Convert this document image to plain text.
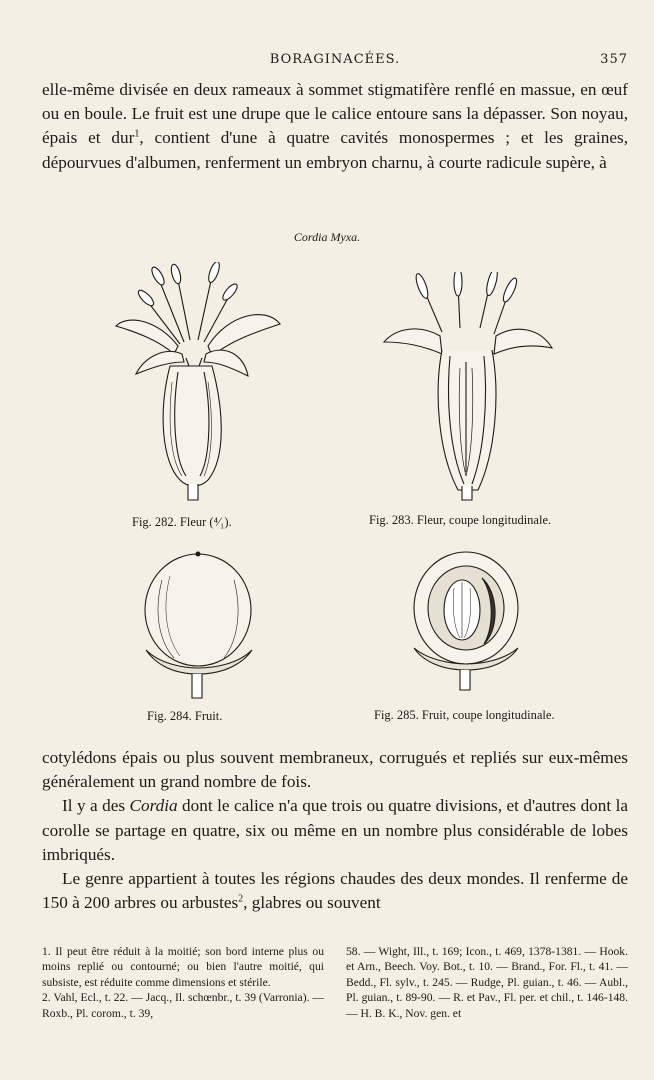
BORAGINACÉES.	357

elle-même divisée en deux rameaux à sommet stigmatifère renflé en massue, en œuf ou en boule. Le fruit est une drupe que le calice entoure sans la dépasser. Son noyau, épais et dur$^1$, contient d'une à quatre cavités monospermes ; et les graines, dépourvues d'albumen, renferment un embryon charnu, à courte radicule supère, à

Cordia Myxa.
Fig. 282. Fleur (⁴⁄₁).	Fig. 283. Fleur, coupe longitudinale.
Fig. 284. Fruit.	Fig. 285. Fruit, coupe longitudinale.

cotylédons épais ou plus souvent membraneux, corrugués et repliés sur eux-mêmes généralement un grand nombre de fois.

Il y a des Cordia dont le calice n'a que trois ou quatre divisions, et d'autres dont la corolle se partage en quatre, six ou même en un nombre plus considérable de lobes imbriqués.

Le genre appartient à toutes les régions chaudes des deux mondes. Il renferme de 150 à 200 arbres ou arbustes$^2$, glabres ou souvent

1. Il peut être réduit à la moitié; son bord interne plus ou moins replié ou contourné; ou bien l'autre moitié, qui subsiste, est réduite comme dimensions et stérile.

2. Vahl, Ecl., t. 22. — Jacq., Il. schœnbr., t. 39 (Varronia). — Roxb., Pl. corom., t. 39,

58. — Wight, Ill., t. 169; Icon., t. 469, 1378-1381. — Hook. et Arn., Beech. Voy. Bot., t. 10. — Brand., For. Fl., t. 41. — Bedd., Fl. sylv., t. 245. — Rudge, Pl. guian., t. 46. — Aubl., Pl. guian., t. 89-90. — R. et Pav., Fl. per. et chil., t. 146-148. — H. B. K., Nov. gen. et
